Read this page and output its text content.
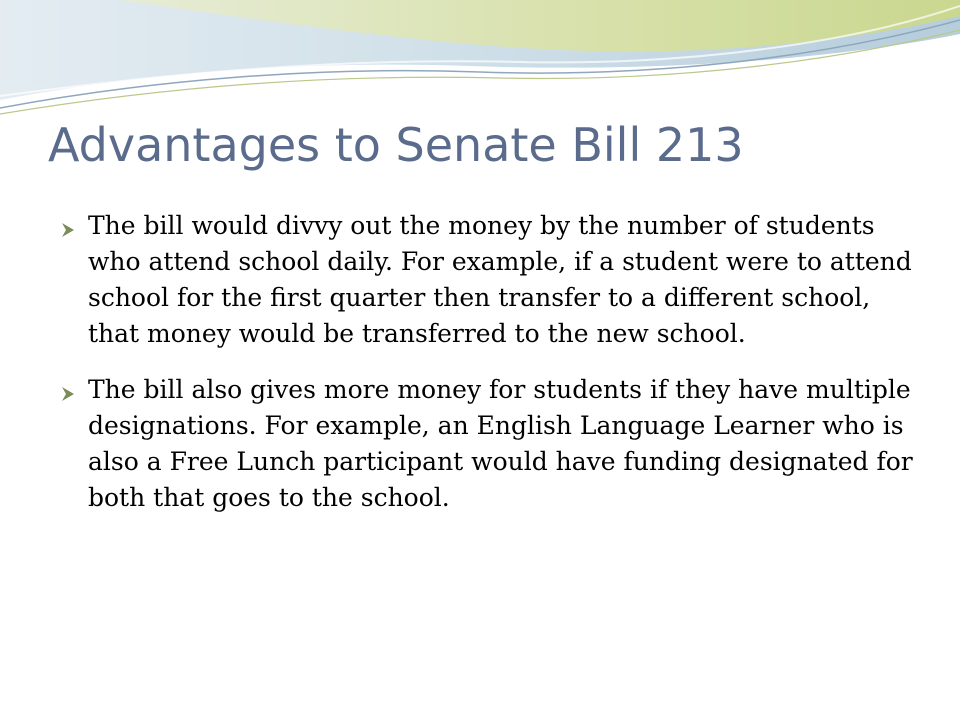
Advantages to Senate Bill 213
The bill would divvy out the money by the number of students who attend school daily. For example, if a student were to attend school for the first quarter then transfer to a different school, that money would be transferred to the new school.
The bill also gives more money for students if they have multiple designations. For example, an English Language Learner who is also a Free Lunch participant would have funding designated for both that goes to the school.
